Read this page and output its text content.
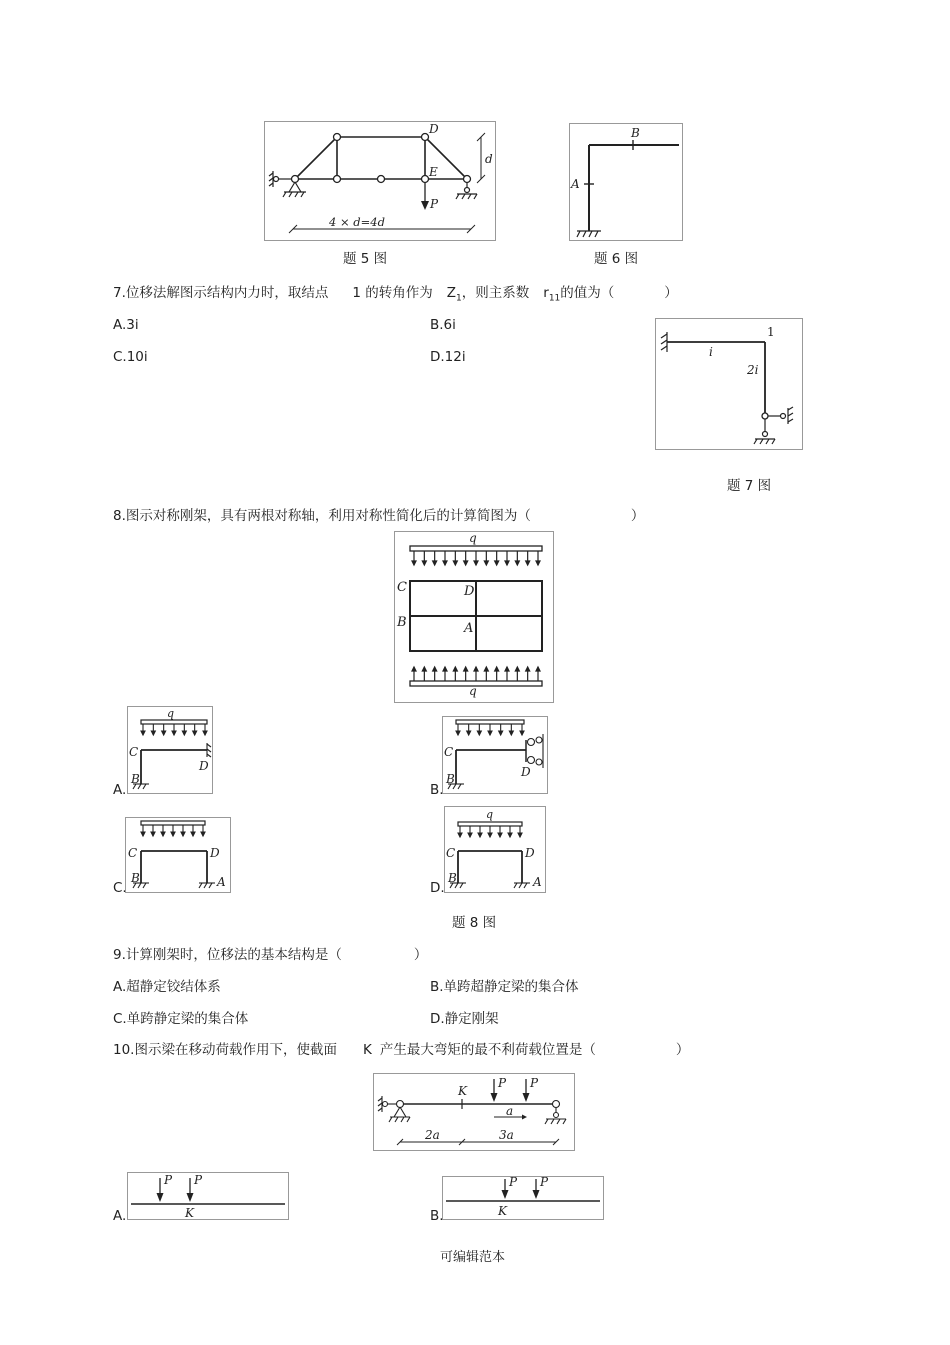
D
E
P
d
4 × d=4d
题 5 图
B
A
题 6 图
7.位移法解图示结构内力时，取结点 1 的转角作为 $Z_1$，则主系数 $r_{11}$的值为（	）
A.3i	B.6i
C.10i	D.12i
1
i
2i
题 7 图
8.图示对称刚架，具有两根对称轴，利用对称性简化后的计算简图为（	）
q
q
C	D
B	A
A.
q
C
D
B
B.
C
D
B
C.
C	D
B	A	D.
q
C	D
B	A
题 8 图
9.计算刚架时，位移法的基本结构是（	）
A.超静定铰结体系	B.单跨超静定梁的集合体
C.单跨静定梁的集合体	D.静定刚架
10.图示梁在移动荷载作用下，使截面 K 产生最大弯矩的最不利荷载位置是（	）
K
P P
a
2a	3a
A.
P P
K	B.
P P
K
可编辑范本
